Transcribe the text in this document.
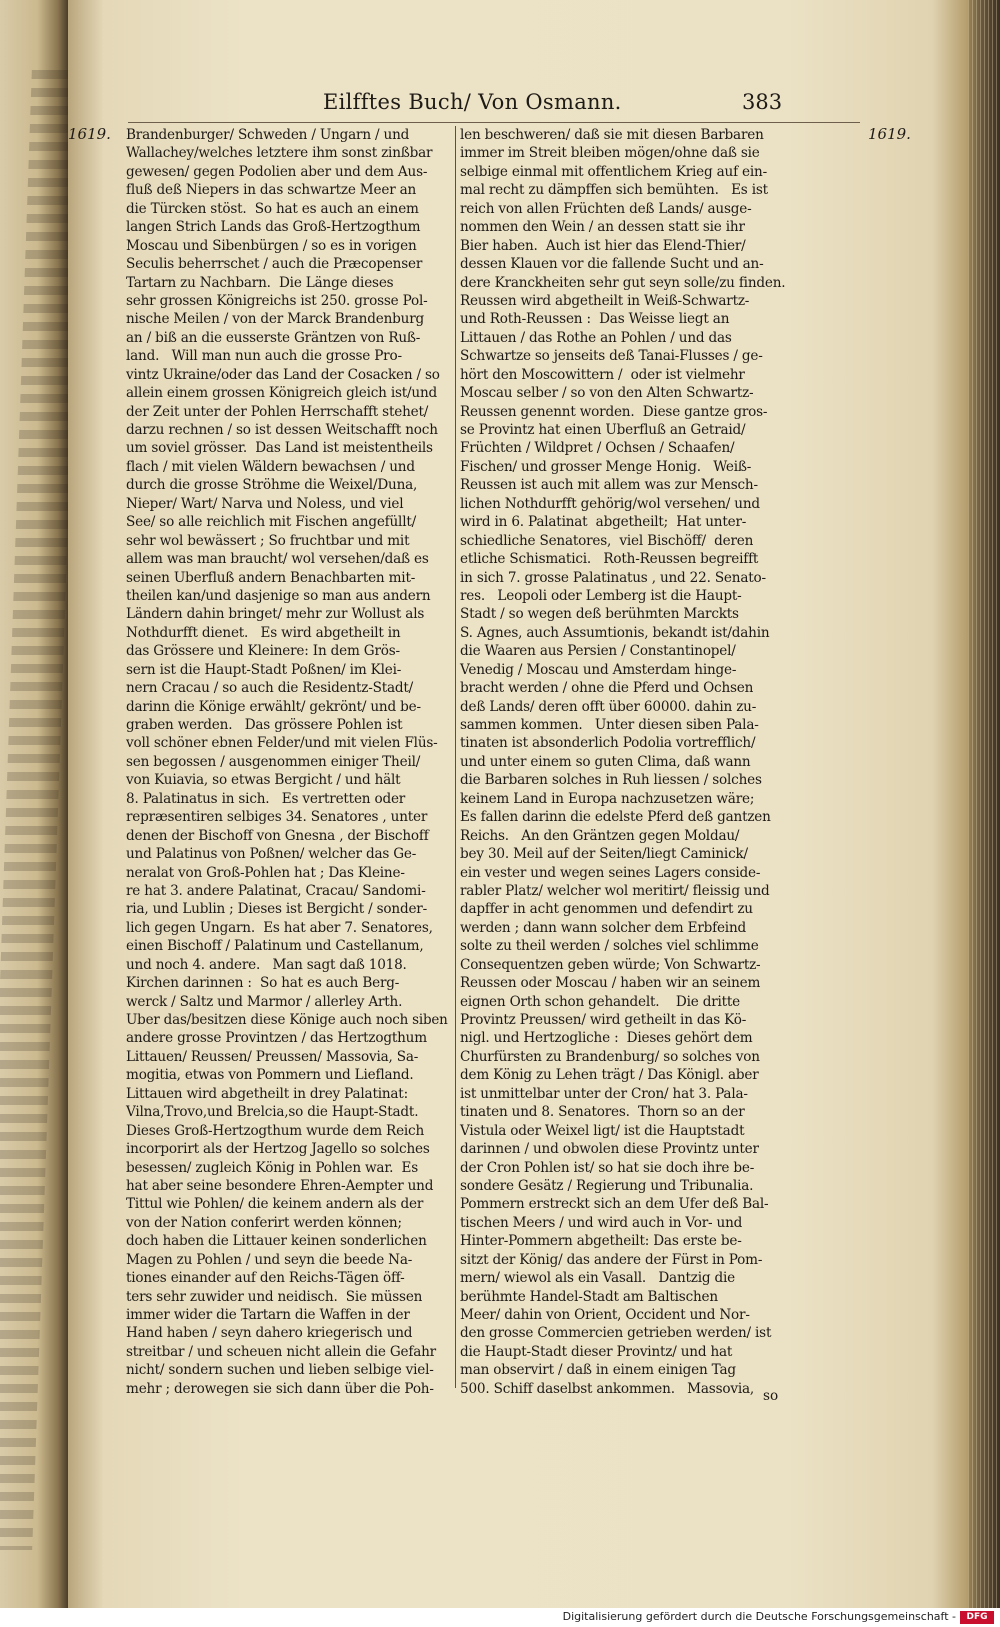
Eilfftes Buch/ Von Osmann.	383
1619.	1619.
Brandenburger/ Schweden / Ungarn / und
Wallachey/welches letztere ihm sonst zinßbar
gewesen/ gegen Podolien aber und dem Aus-
fluß deß Niepers in das schwartze Meer an
die Türcken stöst.  So hat es auch an einem
langen Strich Lands das Groß-Hertzogthum
Moscau und Sibenbürgen / so es in vorigen
Seculis beherrschet / auch die Præcopenser
Tartarn zu Nachbarn.  Die Länge dieses
sehr grossen Königreichs ist 250. grosse Pol-
nische Meilen / von der Marck Brandenburg
an / biß an die eusserste Gräntzen von Ruß-
land.   Will man nun auch die grosse Pro-
vintz Ukraine/oder das Land der Cosacken / so
allein einem grossen Königreich gleich ist/und
der Zeit unter der Pohlen Herrschafft stehet/
darzu rechnen / so ist dessen Weitschafft noch
um soviel grösser.  Das Land ist meistentheils
flach / mit vielen Wäldern bewachsen / und
durch die grosse Ströhme die Weixel/Duna,
Nieper/ Wart/ Narva und Noless, und viel
See/ so alle reichlich mit Fischen angefüllt/
sehr wol bewässert ; So fruchtbar und mit
allem was man braucht/ wol versehen/daß es
seinen Uberfluß andern Benachbarten mit-
theilen kan/und dasjenige so man aus andern
Ländern dahin bringet/ mehr zur Wollust als
Nothdurfft dienet.   Es wird abgetheilt in
das Grössere und Kleinere: In dem Grös-
sern ist die Haupt-Stadt Poßnen/ im Klei-
nern Cracau / so auch die Residentz-Stadt/
darinn die Könige erwählt/ gekrönt/ und be-
graben werden.   Das grössere Pohlen ist
voll schöner ebnen Felder/und mit vielen Flüs-
sen begossen / ausgenommen einiger Theil/
von Kuiavia, so etwas Bergicht / und hält
8. Palatinatus in sich.   Es vertretten oder
repræsentiren selbiges 34. Senatores , unter
denen der Bischoff von Gnesna , der Bischoff
und Palatinus von Poßnen/ welcher das Ge-
neralat von Groß-Pohlen hat ; Das Kleine-
re hat 3. andere Palatinat, Cracau/ Sandomi-
ria, und Lublin ; Dieses ist Bergicht / sonder-
lich gegen Ungarn.  Es hat aber 7. Senatores,
einen Bischoff / Palatinum und Castellanum,
und noch 4. andere.   Man sagt daß 1018.
Kirchen darinnen :  So hat es auch Berg-
werck / Saltz und Marmor / allerley Arth.
Uber das/besitzen diese Könige auch noch siben
andere grosse Provintzen / das Hertzogthum
Littauen/ Reussen/ Preussen/ Massovia, Sa-
mogitia, etwas von Pommern und Liefland.
Littauen wird abgetheilt in drey Palatinat:
Vilna,Trovo,und Brelcia,so die Haupt-Stadt.
Dieses Groß-Hertzogthum wurde dem Reich
incorporirt als der Hertzog Jagello so solches
besessen/ zugleich König in Pohlen war.  Es
hat aber seine besondere Ehren-Aempter und
Tittul wie Pohlen/ die keinem andern als der
von der Nation conferirt werden können;
doch haben die Littauer keinen sonderlichen
Magen zu Pohlen / und seyn die beede Na-
tiones einander auf den Reichs-Tägen öff-
ters sehr zuwider und neidisch.  Sie müssen
immer wider die Tartarn die Waffen in der
Hand haben / seyn dahero kriegerisch und
streitbar / und scheuen nicht allein die Gefahr
nicht/ sondern suchen und lieben selbige viel-
mehr ; derowegen sie sich dann über die Poh-
len beschweren/ daß sie mit diesen Barbaren
immer im Streit bleiben mögen/ohne daß sie
selbige einmal mit offentlichem Krieg auf ein-
mal recht zu dämpffen sich bemühten.   Es ist
reich von allen Früchten deß Lands/ ausge-
nommen den Wein / an dessen statt sie ihr
Bier haben.  Auch ist hier das Elend-Thier/
dessen Klauen vor die fallende Sucht und an-
dere Kranckheiten sehr gut seyn solle/zu finden.
Reussen wird abgetheilt in Weiß-Schwartz-
und Roth-Reussen :  Das Weisse liegt an
Littauen / das Rothe an Pohlen / und das
Schwartze so jenseits deß Tanai-Flusses / ge-
hört den Moscowittern /  oder ist vielmehr
Moscau selber / so von den Alten Schwartz-
Reussen genennt worden.  Diese gantze gros-
se Provintz hat einen Uberfluß an Getraid/
Früchten / Wildpret / Ochsen / Schaafen/
Fischen/ und grosser Menge Honig.   Weiß-
Reussen ist auch mit allem was zur Mensch-
lichen Nothdurfft gehörig/wol versehen/ und
wird in 6. Palatinat  abgetheilt;  Hat unter-
schiedliche Senatores,  viel Bischöff/  deren
etliche Schismatici.   Roth-Reussen begreifft
in sich 7. grosse Palatinatus , und 22. Senato-
res.   Leopoli oder Lemberg ist die Haupt-
Stadt / so wegen deß berühmten Marckts
S. Agnes, auch Assumtionis, bekandt ist/dahin
die Waaren aus Persien / Constantinopel/
Venedig / Moscau und Amsterdam hinge-
bracht werden / ohne die Pferd und Ochsen
deß Lands/ deren offt über 60000. dahin zu-
sammen kommen.   Unter diesen siben Pala-
tinaten ist absonderlich Podolia vortrefflich/
und unter einem so guten Clima, daß wann
die Barbaren solches in Ruh liessen / solches
keinem Land in Europa nachzusetzen wäre;
Es fallen darinn die edelste Pferd deß gantzen
Reichs.   An den Gräntzen gegen Moldau/
bey 30. Meil auf der Seiten/liegt Caminick/
ein vester und wegen seines Lagers conside-
rabler Platz/ welcher wol meritirt/ fleissig und
dapffer in acht genommen und defendirt zu
werden ; dann wann solcher dem Erbfeind
solte zu theil werden / solches viel schlimme
Consequentzen geben würde; Von Schwartz-
Reussen oder Moscau / haben wir an seinem
eignen Orth schon gehandelt.    Die dritte
Provintz Preussen/ wird getheilt in das Kö-
nigl. und Hertzogliche :  Dieses gehört dem
Churfürsten zu Brandenburg/ so solches von
dem König zu Lehen trägt / Das Königl. aber
ist unmittelbar unter der Cron/ hat 3. Pala-
tinaten und 8. Senatores.  Thorn so an der
Vistula oder Weixel ligt/ ist die Hauptstadt
darinnen / und obwolen diese Provintz unter
der Cron Pohlen ist/ so hat sie doch ihre be-
sondere Gesätz / Regierung und Tribunalia.
Pommern erstreckt sich an dem Ufer deß Bal-
tischen Meers / und wird auch in Vor- und
Hinter-Pommern abgetheilt: Das erste be-
sitzt der König/ das andere der Fürst in Pom-
mern/ wiewol als ein Vasall.   Dantzig die
berühmte Handel-Stadt am Baltischen
Meer/ dahin von Orient, Occident und Nor-
den grosse Commercien getrieben werden/ ist
die Haupt-Stadt dieser Provintz/ und hat
man observirt / daß in einem einigen Tag
500. Schiff daselbst ankommen.   Massovia, so
Digitalisierung gefördert durch die Deutsche Forschungsgemeinschaft -	DFG
